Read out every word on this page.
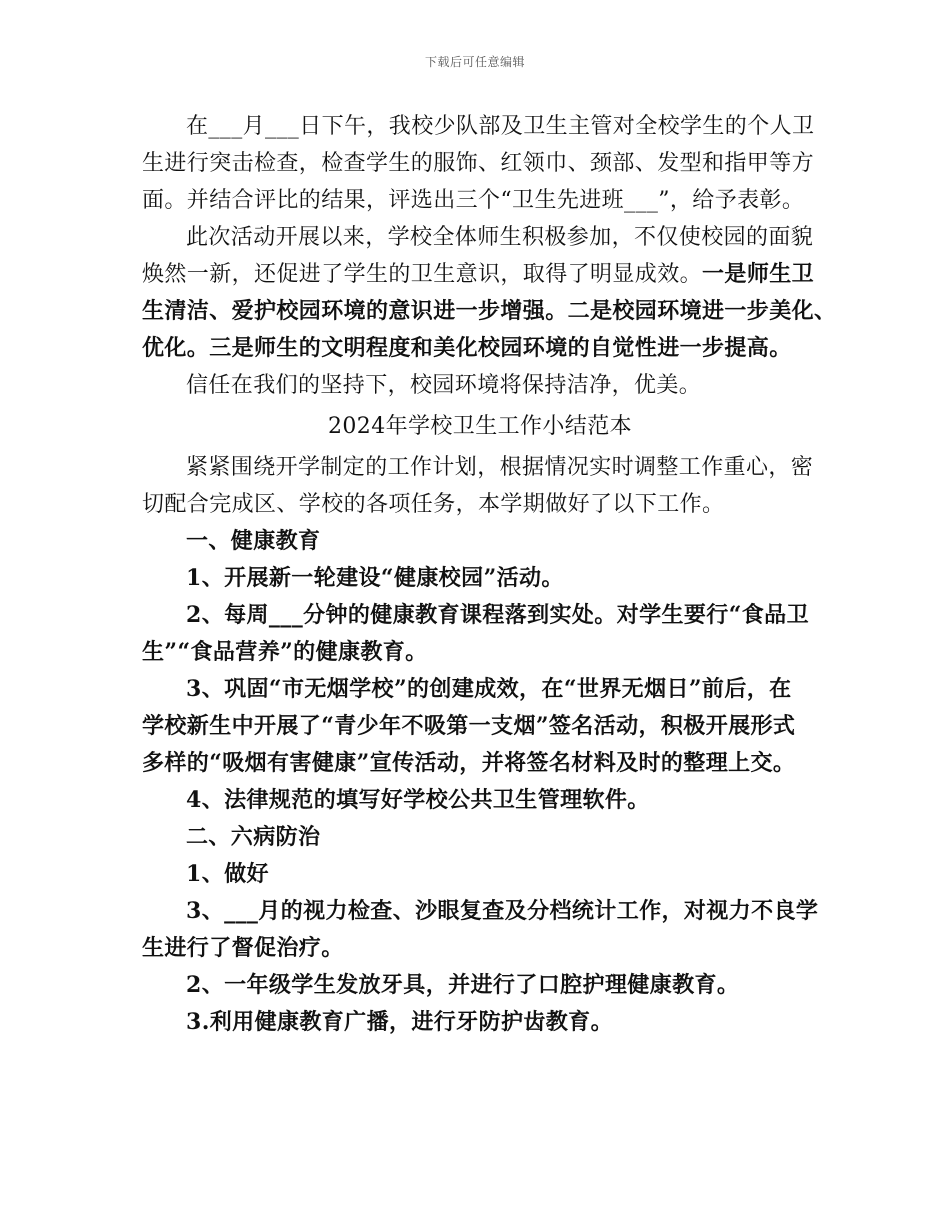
下载后可任意编辑
在___月___日下午，我校少队部及卫生主管对全校学生的个人卫
生进行突击检查，检查学生的服饰、红领巾、颈部、发型和指甲等方
面。并结合评比的结果，评选出三个“卫生先进班___”，给予表彰。
此次活动开展以来，学校全体师生积极参加，不仅使校园的面貌
焕然一新，还促进了学生的卫生意识，取得了明显成效。一是师生卫
生清洁、爱护校园环境的意识进一步增强。二是校园环境进一步美化、
优化。三是师生的文明程度和美化校园环境的自觉性进一步提高。
信任在我们的坚持下，校园环境将保持洁净，优美。
2024年学校卫生工作小结范本
紧紧围绕开学制定的工作计划，根据情况实时调整工作重心，密
切配合完成区、学校的各项任务，本学期做好了以下工作。
一、健康教育
1、开展新一轮建设“健康校园”活动。
2、每周___分钟的健康教育课程落到实处。对学生要行“食品卫
生”“食品营养”的健康教育。
3、巩固“市无烟学校”的创建成效，在“世界无烟日”前后，在
学校新生中开展了“青少年不吸第一支烟”签名活动，积极开展形式
多样的“吸烟有害健康”宣传活动，并将签名材料及时的整理上交。
4、法律规范的填写好学校公共卫生管理软件。
二、六病防治
1、做好
3、___月的视力检查、沙眼复查及分档统计工作，对视力不良学
生进行了督促治疗。
2、一年级学生发放牙具，并进行了口腔护理健康教育。
3.利用健康教育广播，进行牙防护齿教育。
